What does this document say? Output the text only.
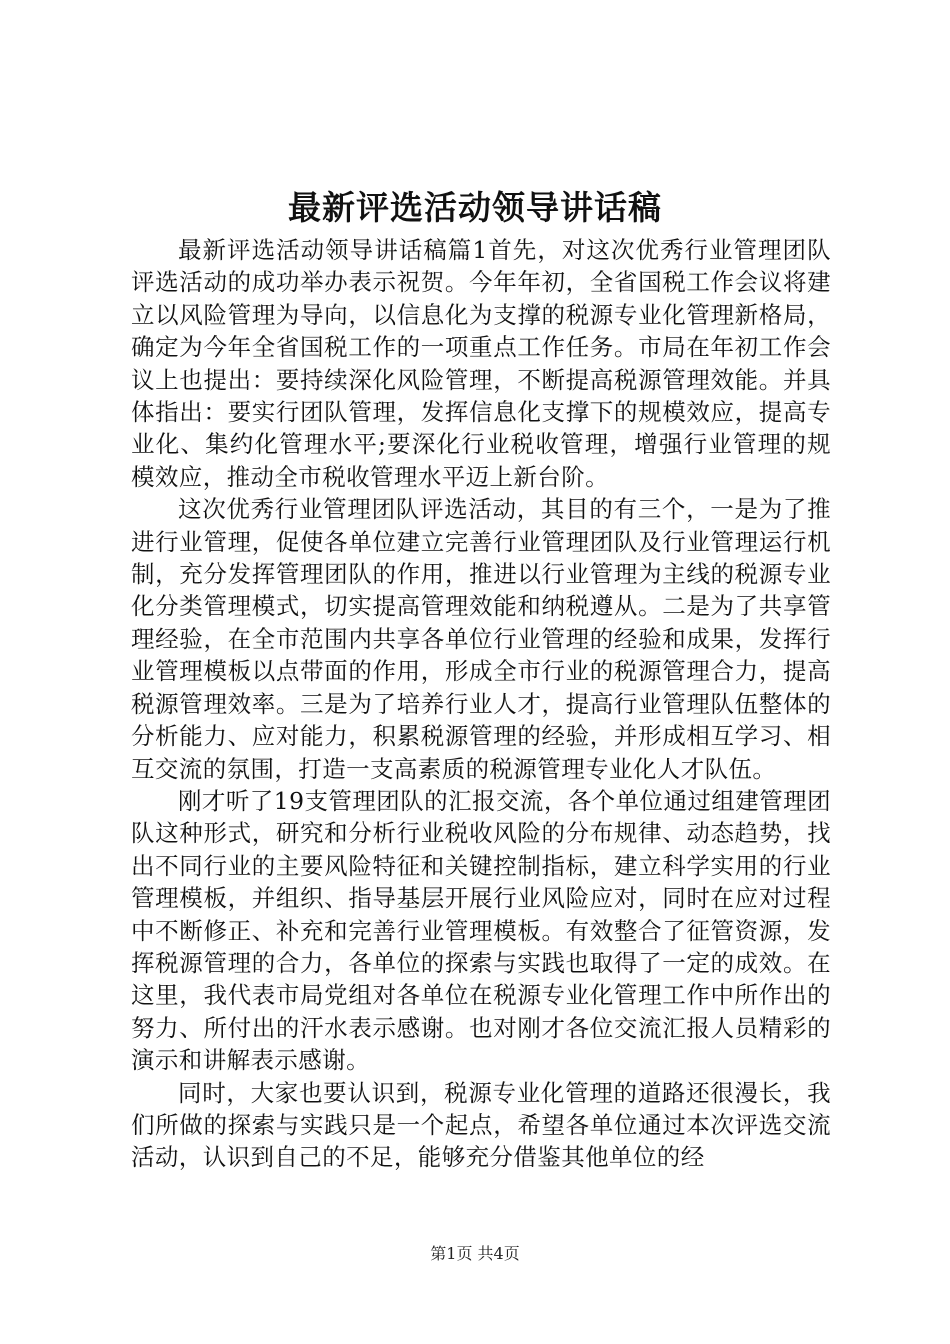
最新评选活动领导讲话稿

最新评选活动领导讲话稿篇1首先，对这次优秀行业管理团队评选活动的成功举办表示祝贺。今年年初，全省国税工作会议将建立以风险管理为导向，以信息化为支撑的税源专业化管理新格局，确定为今年全省国税工作的一项重点工作任务。市局在年初工作会议上也提出：要持续深化风险管理，不断提高税源管理效能。并具体指出：要实行团队管理，发挥信息化支撑下的规模效应，提高专业化、集约化管理水平;要深化行业税收管理，增强行业管理的规模效应，推动全市税收管理水平迈上新台阶。

这次优秀行业管理团队评选活动，其目的有三个，一是为了推进行业管理，促使各单位建立完善行业管理团队及行业管理运行机制，充分发挥管理团队的作用，推进以行业管理为主线的税源专业化分类管理模式，切实提高管理效能和纳税遵从。二是为了共享管理经验，在全市范围内共享各单位行业管理的经验和成果，发挥行业管理模板以点带面的作用，形成全市行业的税源管理合力，提高税源管理效率。三是为了培养行业人才，提高行业管理队伍整体的分析能力、应对能力，积累税源管理的经验，并形成相互学习、相互交流的氛围，打造一支高素质的税源管理专业化人才队伍。

刚才听了19支管理团队的汇报交流，各个单位通过组建管理团队这种形式，研究和分析行业税收风险的分布规律、动态趋势，找出不同行业的主要风险特征和关键控制指标，建立科学实用的行业管理模板，并组织、指导基层开展行业风险应对，同时在应对过程中不断修正、补充和完善行业管理模板。有效整合了征管资源，发挥税源管理的合力，各单位的探索与实践也取得了一定的成效。在这里，我代表市局党组对各单位在税源专业化管理工作中所作出的努力、所付出的汗水表示感谢。也对刚才各位交流汇报人员精彩的演示和讲解表示感谢。

同时，大家也要认识到，税源专业化管理的道路还很漫长，我们所做的探索与实践只是一个起点，希望各单位通过本次评选交流活动，认识到自己的不足，能够充分借鉴其他单位的经

第1页 共4页
